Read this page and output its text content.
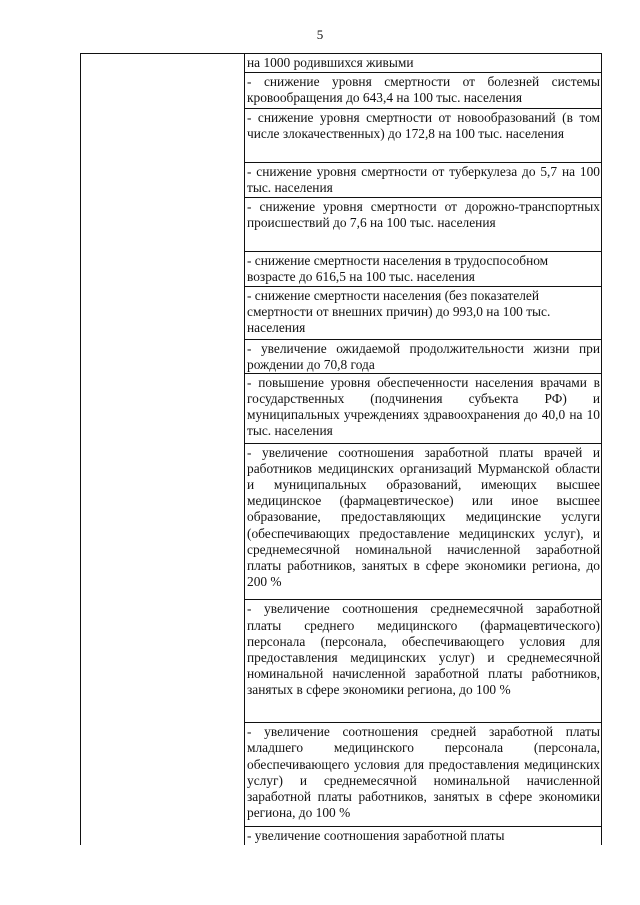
5
на 1000 родившихся живыми
- снижение уровня смертности от болезней системы кровообращения до 643,4 на 100 тыс. населения
- снижение уровня смертности от новообразований (в том числе злокачественных) до 172,8 на 100 тыс. населения
- снижение уровня смертности от туберкулеза до 5,7 на 100 тыс. населения
- снижение уровня смертности от дорожно-транспортных происшествий до 7,6 на 100 тыс. населения
- снижение смертности населения в трудоспособном возрасте до 616,5 на 100 тыс. населения
- снижение смертности населения (без показателей смертности от внешних причин) до 993,0 на 100 тыс. населения
- увеличение ожидаемой продолжительности жизни при рождении до 70,8 года
- повышение уровня обеспеченности населения врачами в государственных (подчинения субъекта РФ) и муниципальных учреждениях здравоохранения до 40,0 на 10 тыс. населения
- увеличение соотношения заработной платы врачей и работников медицинских организаций Мурманской области и муниципальных образований, имеющих высшее медицинское (фармацевтическое) или иное высшее образование, предоставляющих медицинские услуги (обеспечивающих предоставление медицинских услуг), и среднемесячной номинальной начисленной заработной платы работников, занятых в сфере экономики региона, до 200 %
- увеличение соотношения среднемесячной заработной платы среднего медицинского (фармацевтического) персонала (персонала, обеспечивающего условия для предоставления медицинских услуг) и среднемесячной номинальной начисленной заработной платы работников, занятых в сфере экономики региона, до 100 %
- увеличение соотношения средней заработной платы младшего медицинского персонала (персонала, обеспечивающего условия для предоставления медицинских услуг) и среднемесячной номинальной начисленной заработной платы работников, занятых в сфере экономики региона, до 100 %
- увеличение соотношения заработной платы
